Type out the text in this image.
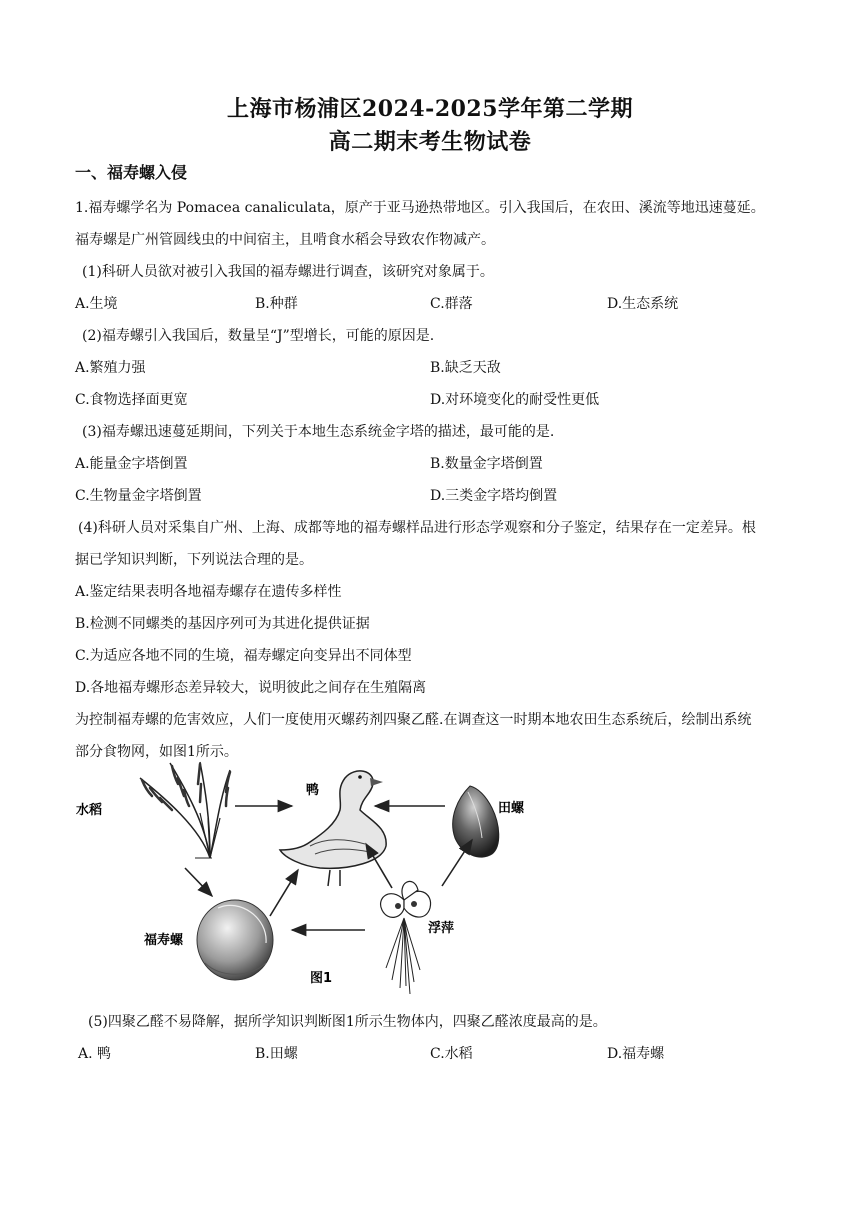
上海市杨浦区2024-2025学年第二学期
高二期末考生物试卷
一、福寿螺入侵
1.福寿螺学名为 Pomacea canaliculata，原产于亚马逊热带地区。引入我国后，在农田、溪流等地迅速蔓延。
福寿螺是广州管圆线虫的中间宿主，且啃食水稻会导致农作物减产。
(1)科研人员欲对被引入我国的福寿螺进行调查，该研究对象属于。
A.生境	B.种群	C.群落	D.生态系统
(2)福寿螺引入我国后，数量呈“J”型增长，可能的原因是.
A.繁殖力强	B.缺乏天敌
C.食物选择面更宽	D.对环境变化的耐受性更低
(3)福寿螺迅速蔓延期间，下列关于本地生态系统金字塔的描述，最可能的是.
A.能量金字塔倒置	B.数量金字塔倒置
C.生物量金字塔倒置	D.三类金字塔均倒置
(4)科研人员对采集自广州、上海、成都等地的福寿螺样品进行形态学观察和分子鉴定，结果存在一定差异。根
据已学知识判断，下列说法合理的是。
A.鉴定结果表明各地福寿螺存在遗传多样性
B.检测不同螺类的基因序列可为其进化提供证据
C.为适应各地不同的生境，福寿螺定向变异出不同体型
D.各地福寿螺形态差异较大，说明彼此之间存在生殖隔离
为控制福寿螺的危害效应，人们一度使用灭螺药剂四聚乙醛.在调查这一时期本地农田生态系统后，绘制出系统
部分食物网，如图1所示。
水稻
鸭
田螺
福寿螺
浮萍
图1
(5)四聚乙醛不易降解，据所学知识判断图1所示生物体内，四聚乙醛浓度最高的是。
A. 鸭	B.田螺	C.水稻	D.福寿螺
